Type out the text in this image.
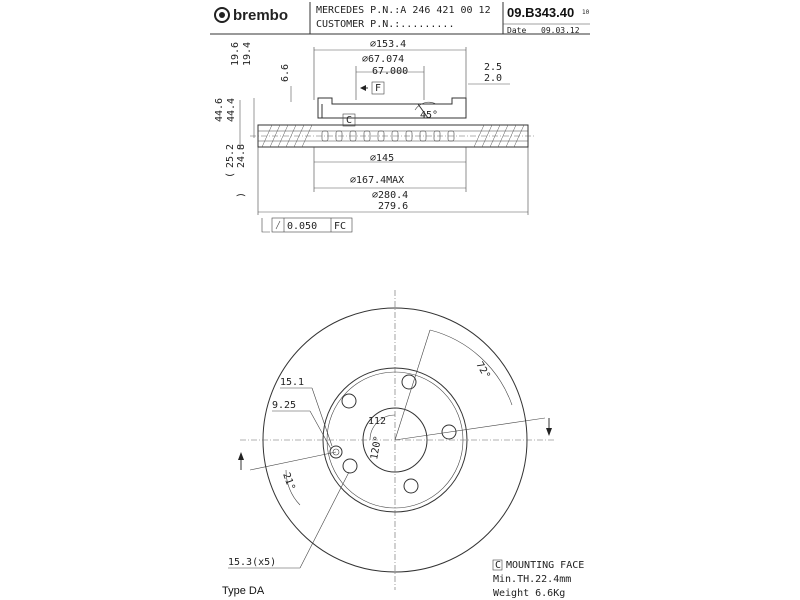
brembo	MERCEDES P.N.:A 246 421 00 12
CUSTOMER P.N.:.........
09.B343.40 10
Date 09.03.12
⌀153.4
⌀67.074
67.000	2.5
2.0
19.6 19.4
6.6
44.6 44.4
(
25.2 24.8
)
F
C	45°
⌀145
⌀167.4MAX
⌀280.4
279.6
0.050 FC
72°
120°
112
15.1
9.25
21°
15.3(x5)	C MOUNTING FACE
Min.TH.22.4mm
Weight 6.6Kg
Type DA
